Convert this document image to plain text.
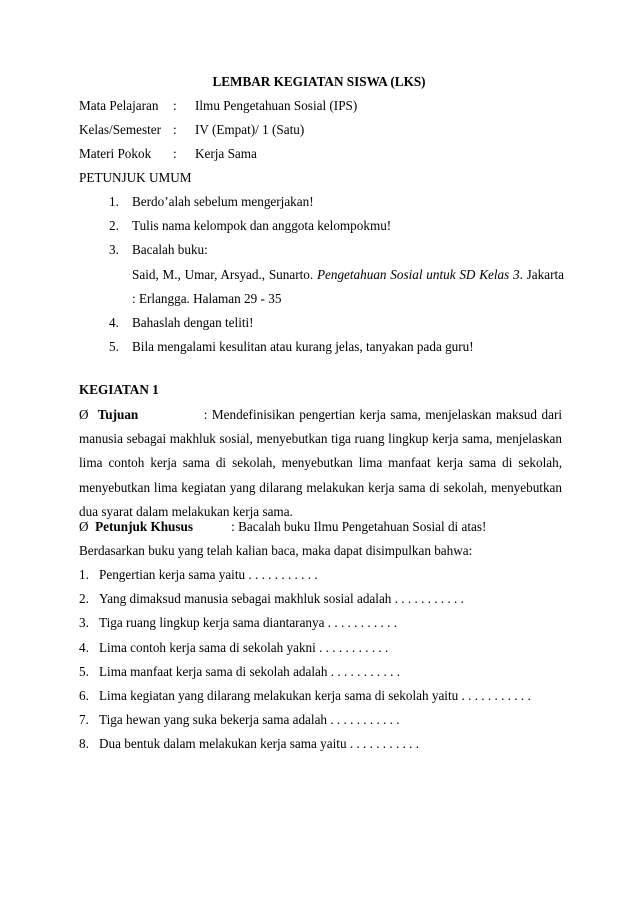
LEMBAR KEGIATAN SISWA (LKS)
Mata Pelajaran	:	Ilmu Pengetahuan Sosial (IPS)
Kelas/Semester :	IV (Empat)/ 1 (Satu)
Materi Pokok	:	Kerja Sama
PETUNJUK UMUM
1. Berdo’alah sebelum mengerjakan!
2. Tulis nama kelompok dan anggota kelompokmu!
3. Bacalah buku:
Said, M., Umar, Arsyad., Sunarto. Pengetahuan Sosial untuk SD Kelas 3. Jakarta : Erlangga. Halaman 29 - 35
4. Bahaslah dengan teliti!
5. Bila mengalami kesulitan atau kurang jelas, tanyakan pada guru!
KEGIATAN 1
Ø Tujuan	: Mendefinisikan pengertian kerja sama, menjelaskan maksud dari manusia sebagai makhluk sosial, menyebutkan tiga ruang lingkup kerja sama, menjelaskan lima contoh kerja sama di sekolah, menyebutkan lima manfaat kerja sama di sekolah, menyebutkan lima kegiatan yang dilarang melakukan kerja sama di sekolah, menyebutkan dua syarat dalam melakukan kerja sama.
Ø Petunjuk Khusus	: Bacalah buku Ilmu Pengetahuan Sosial di atas!
Berdasarkan buku yang telah kalian baca, maka dapat disimpulkan bahwa:
1. Pengertian kerja sama yaitu . . . . . . . . . . .
2. Yang dimaksud manusia sebagai makhluk sosial adalah . . . . . . . . . . .
3. Tiga ruang lingkup kerja sama diantaranya . . . . . . . . . . .
4. Lima contoh kerja sama di sekolah yakni . . . . . . . . . . .
5. Lima manfaat kerja sama di sekolah adalah . . . . . . . . . . .
6. Lima kegiatan yang dilarang melakukan kerja sama di sekolah yaitu . . . . . . . . . . .
7. Tiga hewan yang suka bekerja sama adalah . . . . . . . . . . .
8. Dua bentuk dalam melakukan kerja sama yaitu . . . . . . . . . . .
